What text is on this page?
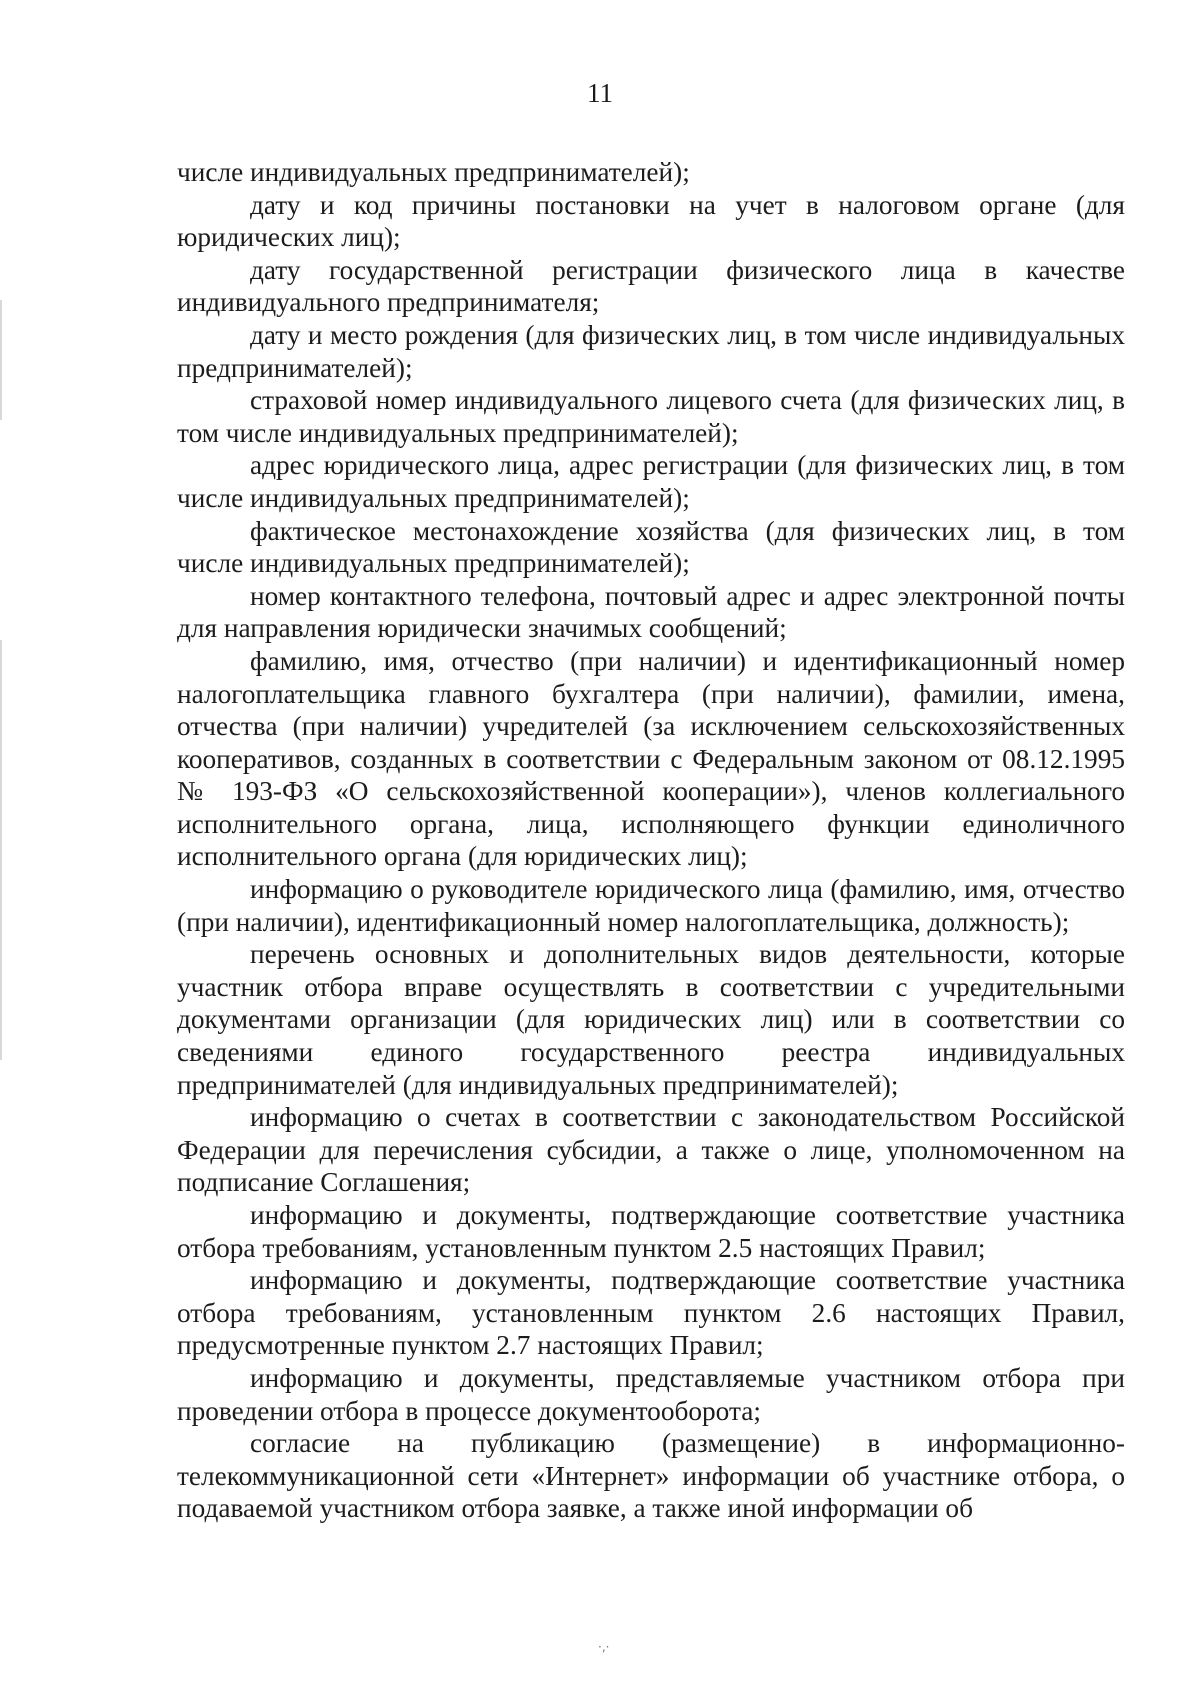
11

числе индивидуальных предпринимателей);

дату и код причины постановки на учет в налоговом органе (для юридических лиц);

дату государственной регистрации физического лица в качестве индивидуального предпринимателя;

дату и место рождения (для физических лиц, в том числе индивидуальных предпринимателей);

страховой номер индивидуального лицевого счета (для физических лиц, в том числе индивидуальных предпринимателей);

адрес юридического лица, адрес регистрации (для физических лиц, в том числе индивидуальных предпринимателей);

фактическое местонахождение хозяйства (для физических лиц, в том числе индивидуальных предпринимателей);

номер контактного телефона, почтовый адрес и адрес электронной почты для направления юридически значимых сообщений;

фамилию, имя, отчество (при наличии) и идентификационный номер налогоплательщика главного бухгалтера (при наличии), фамилии, имена, отчества (при наличии) учредителей (за исключением сельскохозяйственных кооперативов, созданных в соответствии с Федеральным законом от 08.12.1995 № 193-ФЗ «О сельскохозяйственной кооперации»), членов коллегиального исполнительного органа, лица, исполняющего функции единоличного исполнительного органа (для юридических лиц);

информацию о руководителе юридического лица (фамилию, имя, отчество (при наличии), идентификационный номер налогоплательщика, должность);

перечень основных и дополнительных видов деятельности, которые участник отбора вправе осуществлять в соответствии с учредительными документами организации (для юридических лиц) или в соответствии со сведениями единого государственного реестра индивидуальных предпринимателей (для индивидуальных предпринимателей);

информацию о счетах в соответствии с законодательством Российской Федерации для перечисления субсидии, а также о лице, уполномоченном на подписание Соглашения;

информацию и документы, подтверждающие соответствие участника отбора требованиям, установленным пунктом 2.5 настоящих Правил;

информацию и документы, подтверждающие соответствие участника отбора требованиям, установленным пунктом 2.6 настоящих Правил, предусмотренные пунктом 2.7 настоящих Правил;

информацию и документы, представляемые участником отбора при проведении отбора в процессе документооборота;

согласие на публикацию (размещение) в информационно-телекоммуникационной сети «Интернет» информации об участнике отбора, о подаваемой участником отбора заявке, а также иной информации об

·,·
